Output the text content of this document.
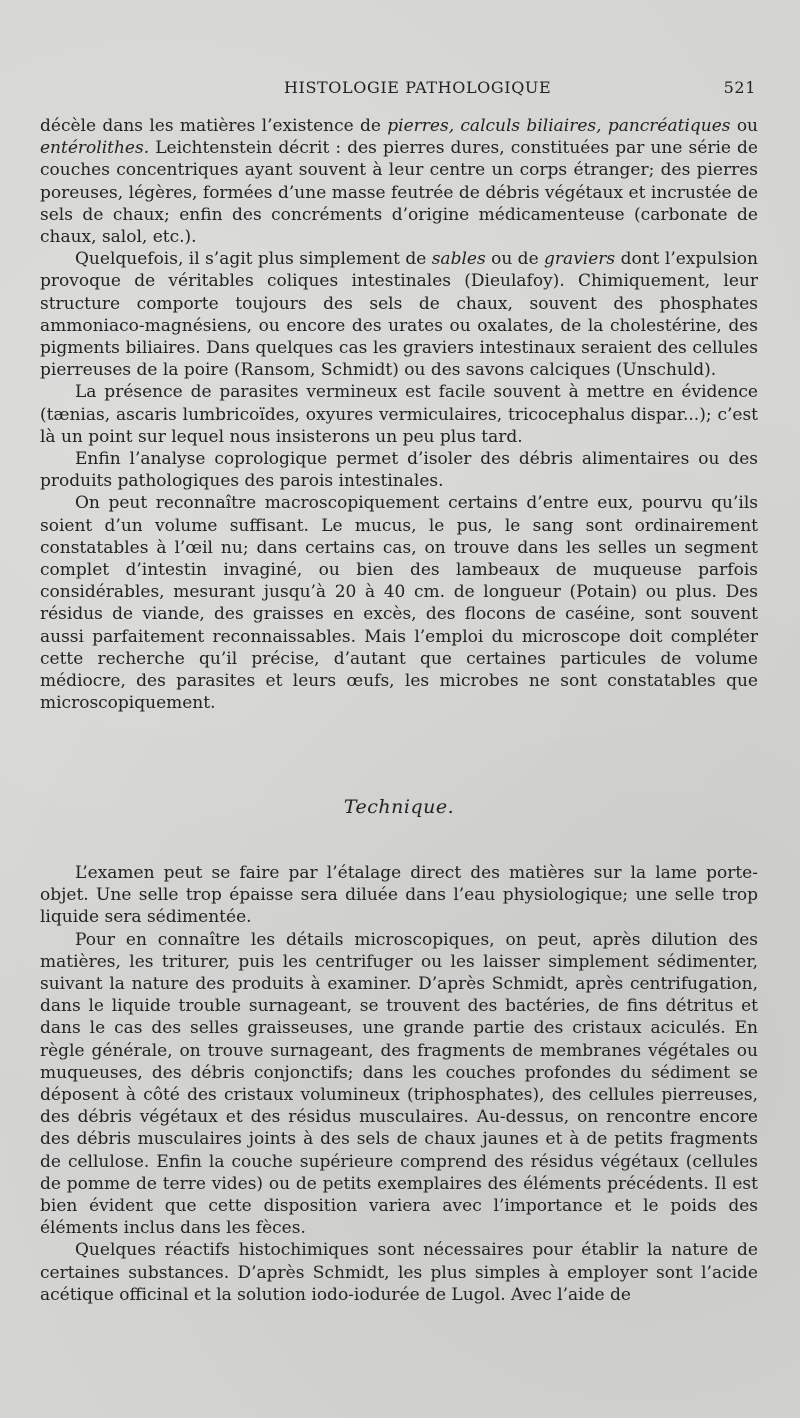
HISTOLOGIE PATHOLOGIQUE	521

décèle dans les matières l’existence de pierres, calculs biliaires, pancréatiques ou entérolithes. Leichtenstein décrit : des pierres dures, constituées par une série de couches concentriques ayant souvent à leur centre un corps étranger; des pierres poreuses, légères, formées d’une masse feutrée de débris végétaux et incrustée de sels de chaux; enfin des concréments d’origine médicamenteuse (carbonate de chaux, salol, etc.).

Quelquefois, il s’agit plus simplement de sables ou de graviers dont l’expulsion provoque de véritables coliques intestinales (Dieulafoy). Chimiquement, leur structure comporte toujours des sels de chaux, souvent des phosphates ammoniaco-magnésiens, ou encore des urates ou oxalates, de la cholestérine, des pigments biliaires. Dans quelques cas les graviers intestinaux seraient des cellules pierreuses de la poire (Ransom, Schmidt) ou des savons calciques (Unschuld).

La présence de parasites vermineux est facile souvent à mettre en évidence (tænias, ascaris lumbricoïdes, oxyures vermiculaires, tricocephalus dispar...); c’est là un point sur lequel nous insisterons un peu plus tard.

Enfin l’analyse coprologique permet d’isoler des débris alimentaires ou des produits pathologiques des parois intestinales.

On peut reconnaître macroscopiquement certains d’entre eux, pourvu qu’ils soient d’un volume suffisant. Le mucus, le pus, le sang sont ordinairement constatables à l’œil nu; dans certains cas, on trouve dans les selles un segment complet d’intestin invaginé, ou bien des lambeaux de muqueuse parfois considérables, mesurant jusqu’à 20 à 40 cm. de longueur (Potain) ou plus. Des résidus de viande, des graisses en excès, des flocons de caséine, sont souvent aussi parfaitement reconnaissables. Mais l’emploi du microscope doit compléter cette recherche qu’il précise, d’autant que certaines particules de volume médiocre, des parasites et leurs œufs, les microbes ne sont constatables que microscopiquement.

Technique.

L’examen peut se faire par l’étalage direct des matières sur la lame porte-objet. Une selle trop épaisse sera diluée dans l’eau physiologique; une selle trop liquide sera sédimentée.

Pour en connaître les détails microscopiques, on peut, après dilution des matières, les triturer, puis les centrifuger ou les laisser simplement sédimenter, suivant la nature des produits à examiner. D’après Schmidt, après centrifugation, dans le liquide trouble surnageant, se trouvent des bactéries, de fins détritus et dans le cas des selles graisseuses, une grande partie des cristaux aciculés. En règle générale, on trouve surnageant, des fragments de membranes végétales ou muqueuses, des débris conjonctifs; dans les couches profondes du sédiment se déposent à côté des cristaux volumineux (triphosphates), des cellules pierreuses, des débris végétaux et des résidus musculaires. Au-dessus, on rencontre encore des débris musculaires joints à des sels de chaux jaunes et à de petits fragments de cellulose. Enfin la couche supérieure comprend des résidus végétaux (cellules de pomme de terre vides) ou de petits exemplaires des éléments précédents. Il est bien évident que cette disposition variera avec l’importance et le poids des éléments inclus dans les fèces.

Quelques réactifs histochimiques sont nécessaires pour établir la nature de certaines substances. D’après Schmidt, les plus simples à employer sont l’acide acétique officinal et la solution iodo-iodurée de Lugol. Avec l’aide de
